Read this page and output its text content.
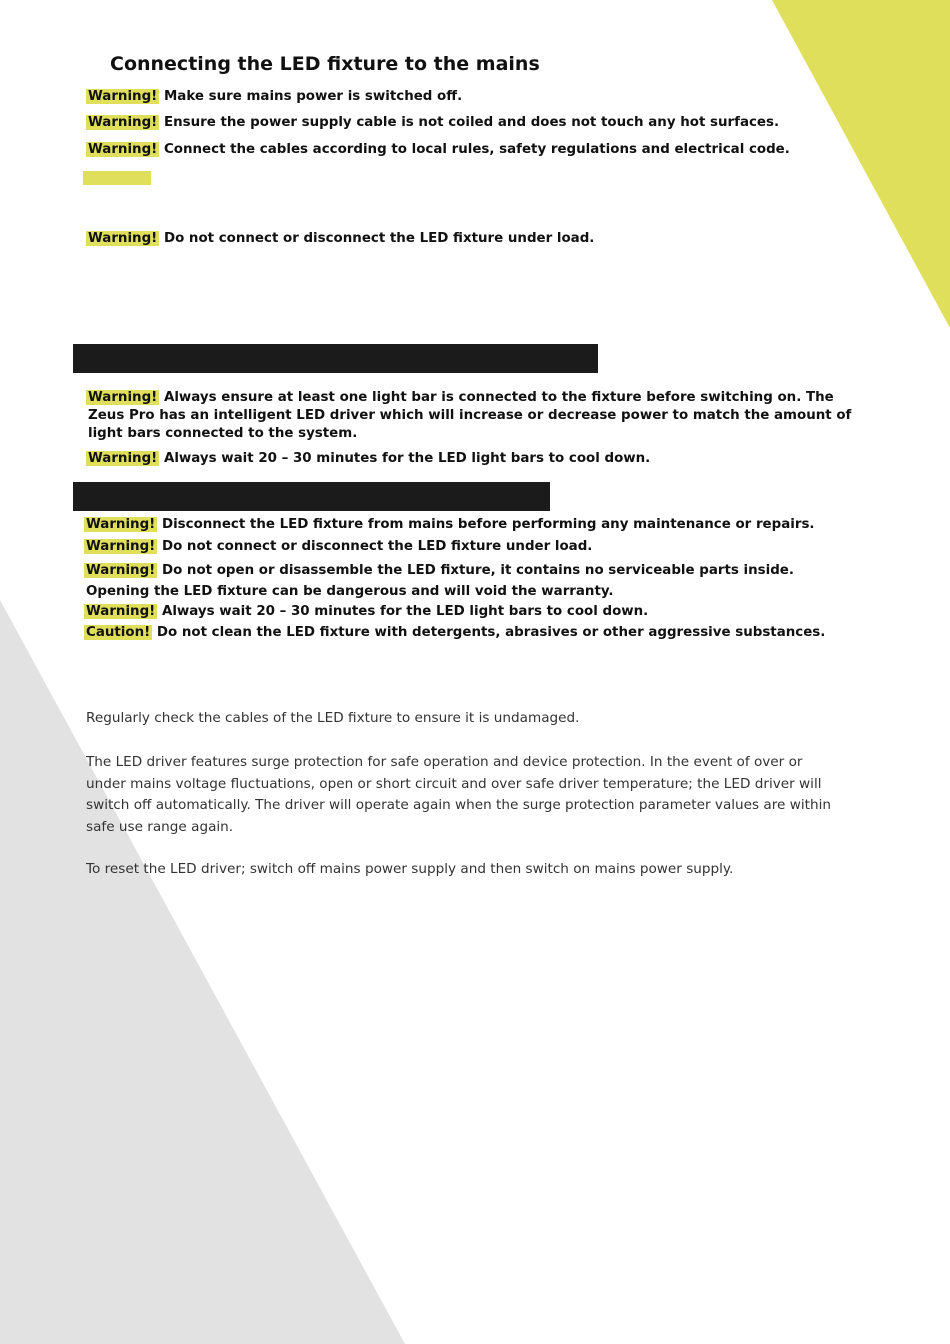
Connecting the LED fixture to the mains

Warning! Make sure mains power is switched off.

Warning! Ensure the power supply cable is not coiled and does not touch any hot surfaces.

Warning! Connect the cables according to local rules, safety regulations and electrical code.

Warning! Do not connect or disconnect the LED fixture under load.

Warning! Always ensure at least one light bar is connected to the fixture before switching on. The Zeus Pro has an intelligent LED driver which will increase or decrease power to match the amount of light bars connected to the system.

Warning! Always wait 20 – 30 minutes for the LED light bars to cool down.

Warning! Disconnect the LED fixture from mains before performing any maintenance or repairs.

Warning! Do not connect or disconnect the LED fixture under load.

Warning! Do not open or disassemble the LED fixture, it contains no serviceable parts inside. Opening the LED fixture can be dangerous and will void the warranty.

Warning! Always wait 20 – 30 minutes for the LED light bars to cool down.

Caution! Do not clean the LED fixture with detergents, abrasives or other aggressive substances.

Regularly check the cables of the LED fixture to ensure it is undamaged.

The LED driver features surge protection for safe operation and device protection. In the event of over or under mains voltage fluctuations, open or short circuit and over safe driver temperature; the LED driver will switch off automatically. The driver will operate again when the surge protection parameter values are within safe use range again.

To reset the LED driver; switch off mains power supply and then switch on mains power supply.
